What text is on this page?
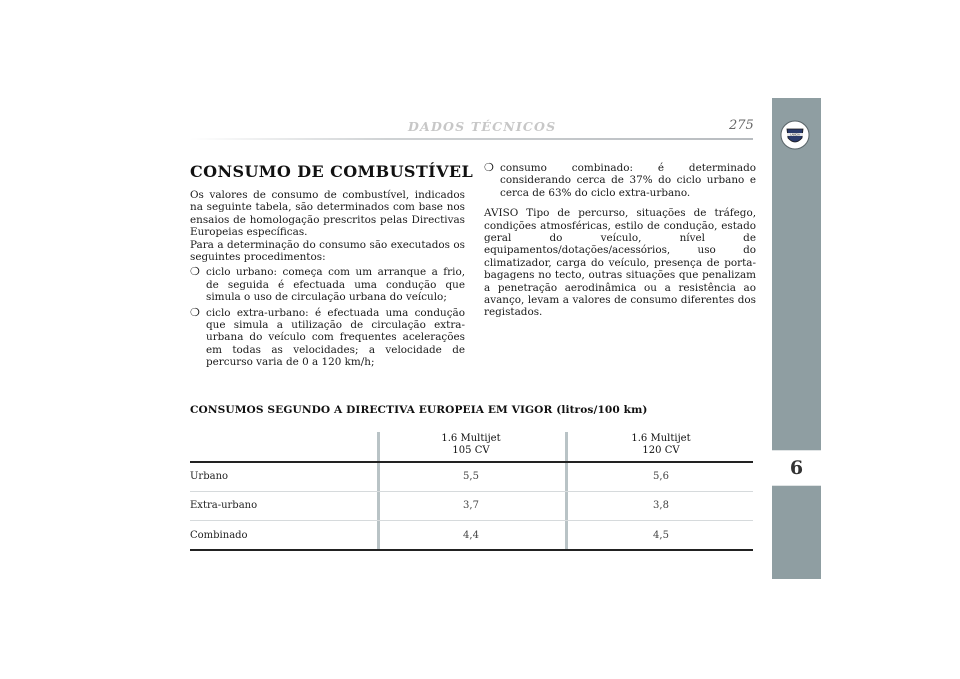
DADOS TÉCNICOS	275
LANCIA
6
CONSUMO DE COMBUSTÍVEL

Os valores de consumo de combustível, indicados na seguinte tabela, são determinados com base nos ensaios de homologação prescritos pelas Directivas Europeias específicas.

Para a determinação do consumo são executados os seguintes procedimentos:

❍ ciclo urbano: começa com um arranque a frio, de seguida é efectuada uma condução que simula o uso de circulação urbana do veículo;
❍ ciclo extra-urbano: é efectuada uma condução que simula a utilização de circulação extra-urbana do veículo com frequentes acelerações em todas as velocidades; a velocidade de percurso varia de 0 a 120 km/h;
❍ consumo combinado: é determinado considerando cerca de 37% do ciclo urbano e cerca de 63% do ciclo extra-urbano.

AVISO Tipo de percurso, situações de tráfego, condições atmosféricas, estilo de condução, estado geral do veículo, nível de equipamentos/dotações/acessórios, uso do climatizador, carga do veículo, presença de porta-bagagens no tecto, outras situações que penalizam a penetração aerodinâmica ou a resistência ao avanço, levam a valores de consumo diferentes dos registados.

CONSUMOS SEGUNDO A DIRECTIVA EUROPEIA EM VIGOR (litros/100 km)
1.6 Multijet
105 CV
1.6 Multijet
120 CV
Urbano	5,5	5,6
Extra-urbano	3,7	3,8
Combinado	4,4	4,5
